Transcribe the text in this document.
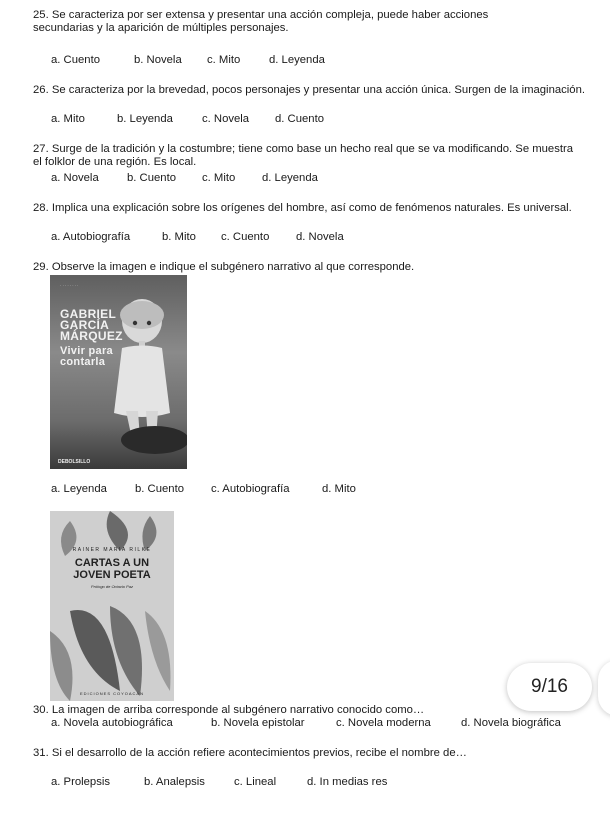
25. Se caracteriza por ser extensa y presentar una acción compleja, puede haber acciones
secundarias y la aparición de múltiples personajes.
a. Cuento	b. Novela c. Mito	d. Leyenda
26. Se caracteriza por la brevedad, pocos personajes y presentar una acción única. Surgen de la imaginación.
a. Mito	b. Leyenda	c. Novela d. Cuento
27. Surge de la tradición y la costumbre; tiene como base un hecho real que se va modificando. Se muestra
el folklor de una región. Es local.
a. Novela	b. Cuento c. Mito d. Leyenda
28. Implica una explicación sobre los orígenes del hombre, así como de fenómenos naturales. Es universal.
a. Autobiografía	b. Mito c. Cuento d. Novela
29. Observe la imagen e indique el subgénero narrativo al que corresponde.
· · · · · · · ·
GABRIEL
GARCÍA
MÁRQUEZ
Vivir para
contarla
DEBOLSILLO
a. Leyenda b. Cuento c. Autobiografía	d. Mito
RAINER MARIA RILKE
CARTAS A UN
JOVEN POETA
Prólogo de Octavio Paz
EDICIONES COYOACÁN	9/16
30. La imagen de arriba corresponde al subgénero narrativo conocido como…
a. Novela autobiográfica	b. Novela epistolar	c. Novela moderna	d. Novela biográfica
31. Si el desarrollo de la acción refiere acontecimientos previos, recibe el nombre de…
a. Prolepsis	b. Analepsis	c. Lineal	d. In medias res
